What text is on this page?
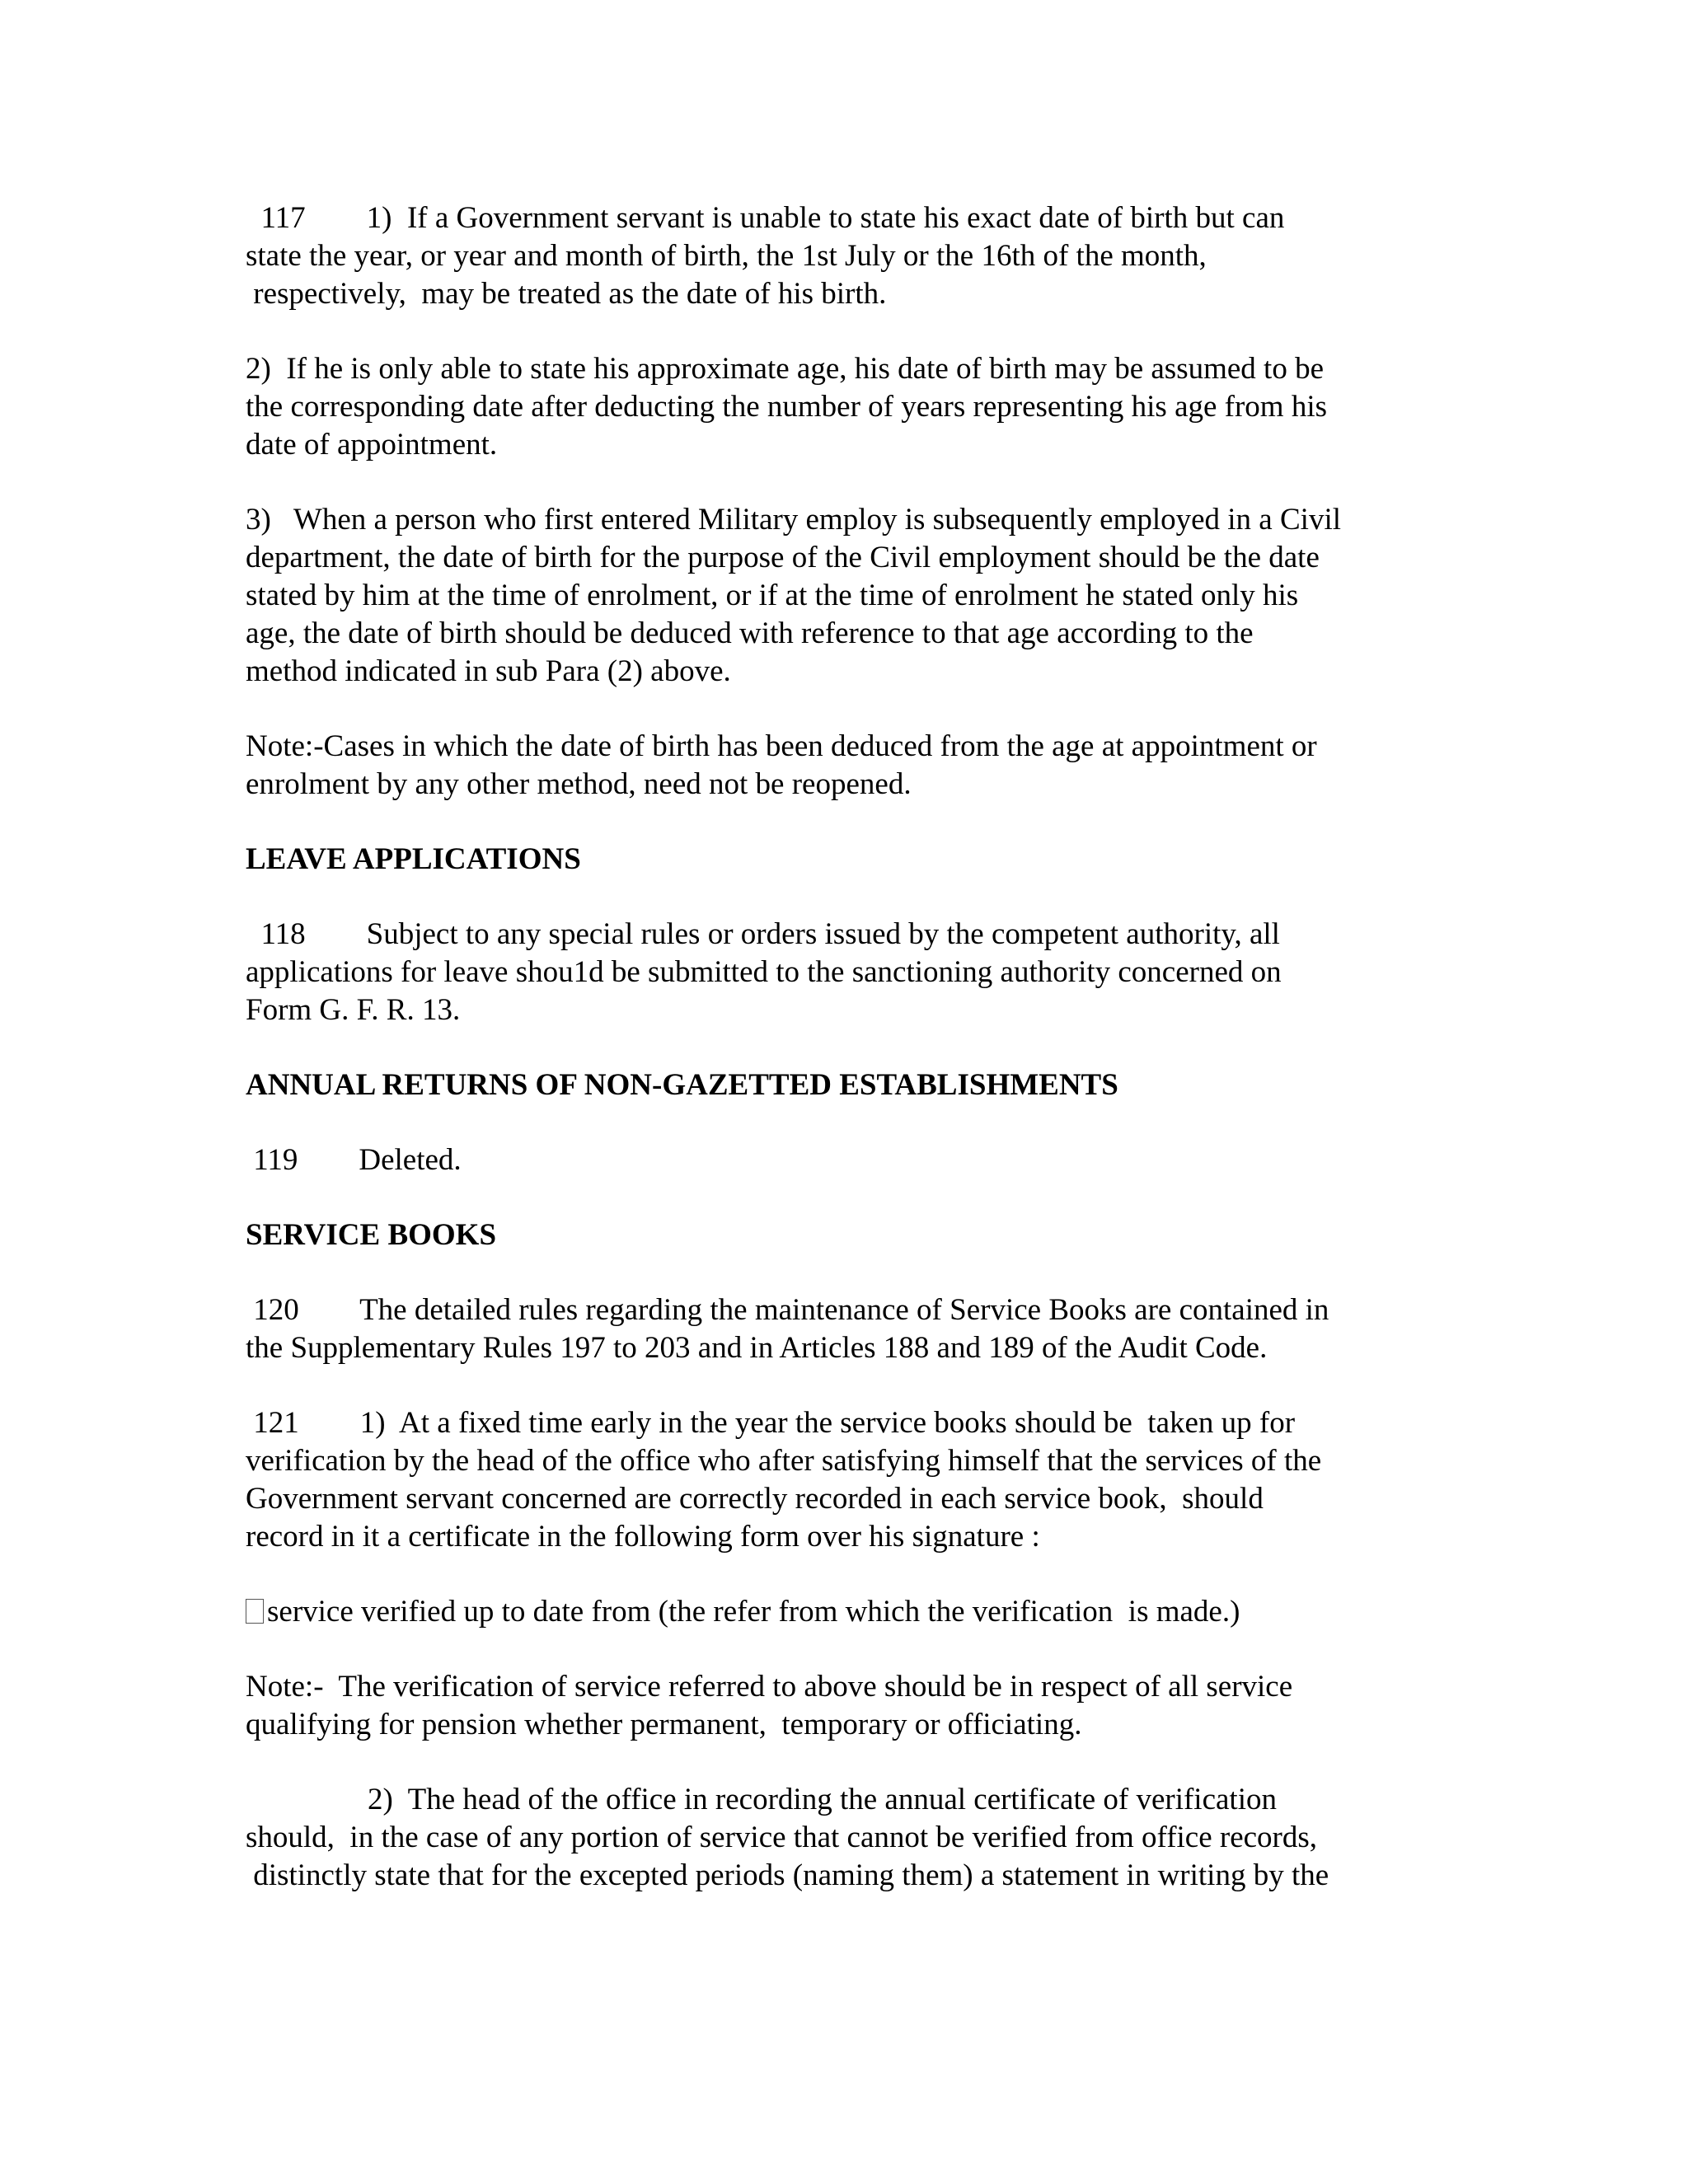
117        1)  If a Government servant is unable to state his exact date of birth but can

state the year, or year and month of birth, the 1st July or the 16th of the month,

respectively,  may be treated as the date of his birth.

2)  If he is only able to state his approximate age, his date of birth may be assumed to be

the corresponding date after deducting the number of years representing his age from his

date of appointment.

3)   When a person who first entered Military employ is subsequently employed in a Civil

department, the date of birth for the purpose of the Civil employment should be the date

stated by him at the time of enrolment, or if at the time of enrolment he stated only his

age, the date of birth should be deduced with reference to that age according to the

method indicated in sub Para (2) above.

Note:-Cases in which the date of birth has been deduced from the age at appointment or

enrolment by any other method, need not be reopened.

LEAVE APPLICATIONS

118        Subject to any special rules or orders issued by the competent authority, all

applications for leave shou1d be submitted to the sanctioning authority concerned on

Form G. F. R. 13.

ANNUAL RETURNS OF NON-GAZETTED ESTABLISHMENTS

119        Deleted.

SERVICE BOOKS

120        The detailed rules regarding the maintenance of Service Books are contained in

the Supplementary Rules 197 to 203 and in Articles 188 and 189 of the Audit Code.

121        1)  At a fixed time early in the year the service books should be  taken up for

verification by the head of the office who after satisfying himself that the services of the

Government servant concerned are correctly recorded in each service book,  should

record in it a certificate in the following form over his signature :

service verified up to date from (the refer from which the verification  is made.)

Note:-  The verification of service referred to above should be in respect of all service

qualifying for pension whether permanent,  temporary or officiating.

2)  The head of the office in recording the annual certificate of verification

should,  in the case of any portion of service that cannot be verified from office records,

distinctly state that for the excepted periods (naming them) a statement in writing by the
